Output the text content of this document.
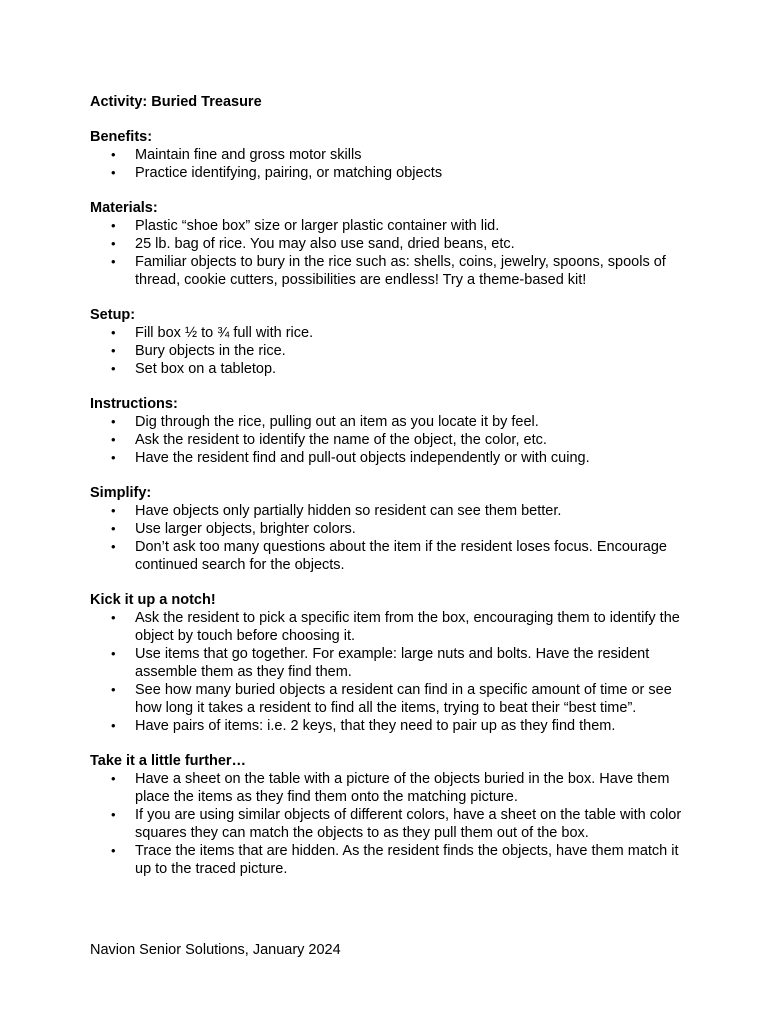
Activity: Buried Treasure
Benefits:
• Maintain fine and gross motor skills
• Practice identifying, pairing, or matching objects
Materials:
• Plastic “shoe box” size or larger plastic container with lid.
• 25 lb. bag of rice. You may also use sand, dried beans, etc.
• Familiar objects to bury in the rice such as: shells, coins, jewelry, spoons, spools of thread, cookie cutters, possibilities are endless! Try a theme-based kit!
Setup:
• Fill box ½ to ¾ full with rice.
• Bury objects in the rice.
• Set box on a tabletop.
Instructions:
• Dig through the rice, pulling out an item as you locate it by feel.
• Ask the resident to identify the name of the object, the color, etc.
• Have the resident find and pull-out objects independently or with cuing.
Simplify:
• Have objects only partially hidden so resident can see them better.
• Use larger objects, brighter colors.
• Don’t ask too many questions about the item if the resident loses focus. Encourage continued search for the objects.
Kick it up a notch!
• Ask the resident to pick a specific item from the box, encouraging them to identify the object by touch before choosing it.
• Use items that go together. For example: large nuts and bolts. Have the resident assemble them as they find them.
• See how many buried objects a resident can find in a specific amount of time or see how long it takes a resident to find all the items, trying to beat their “best time”.
• Have pairs of items: i.e. 2 keys, that they need to pair up as they find them.
Take it a little further…
• Have a sheet on the table with a picture of the objects buried in the box. Have them place the items as they find them onto the matching picture.
• If you are using similar objects of different colors, have a sheet on the table with color squares they can match the objects to as they pull them out of the box.
• Trace the items that are hidden. As the resident finds the objects, have them match it up to the traced picture.
Navion Senior Solutions, January 2024
